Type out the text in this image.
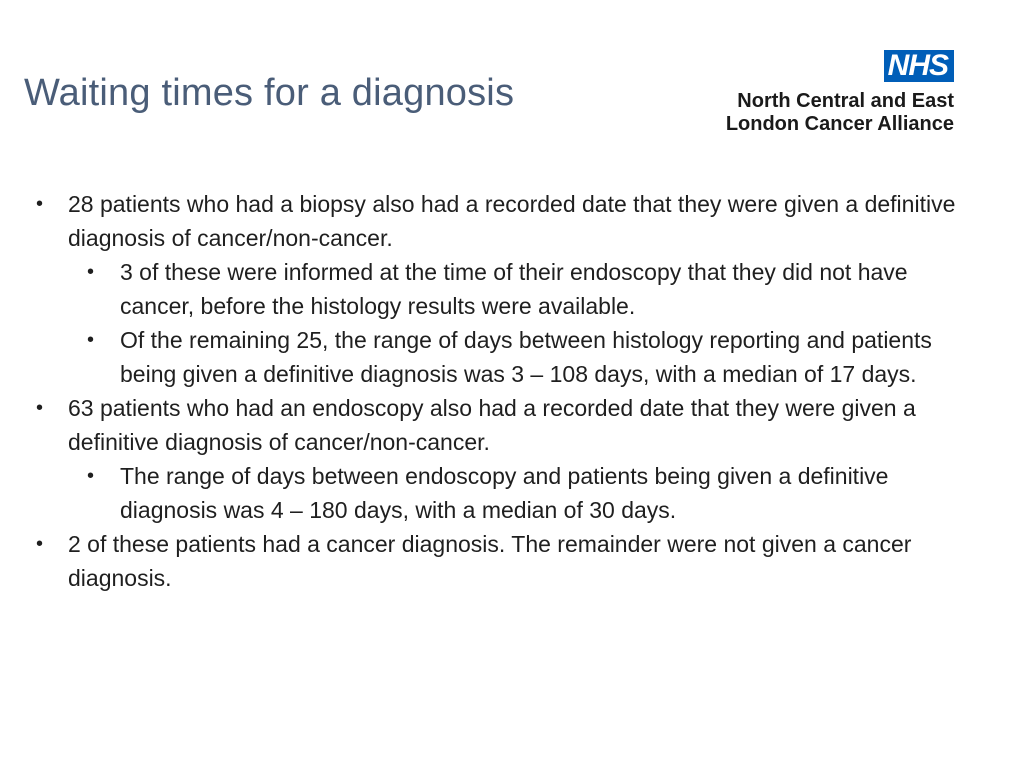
Waiting times for a diagnosis
NHS
North Central and East
London Cancer Alliance
• 28 patients who had a biopsy also had a recorded date that they were given a definitive diagnosis of cancer/non-cancer.
• 3 of these were informed at the time of their endoscopy that they did not have cancer, before the histology results were available.
• Of the remaining 25, the range of days between histology reporting and patients being given a definitive diagnosis was 3 – 108 days, with a median of 17 days.
• 63 patients who had an endoscopy also had a recorded date that they were given a definitive diagnosis of cancer/non-cancer.
• The range of days between endoscopy and patients being given a definitive diagnosis was 4 – 180 days, with a median of 30 days.
• 2 of these patients had a cancer diagnosis. The remainder were not given a cancer diagnosis.
